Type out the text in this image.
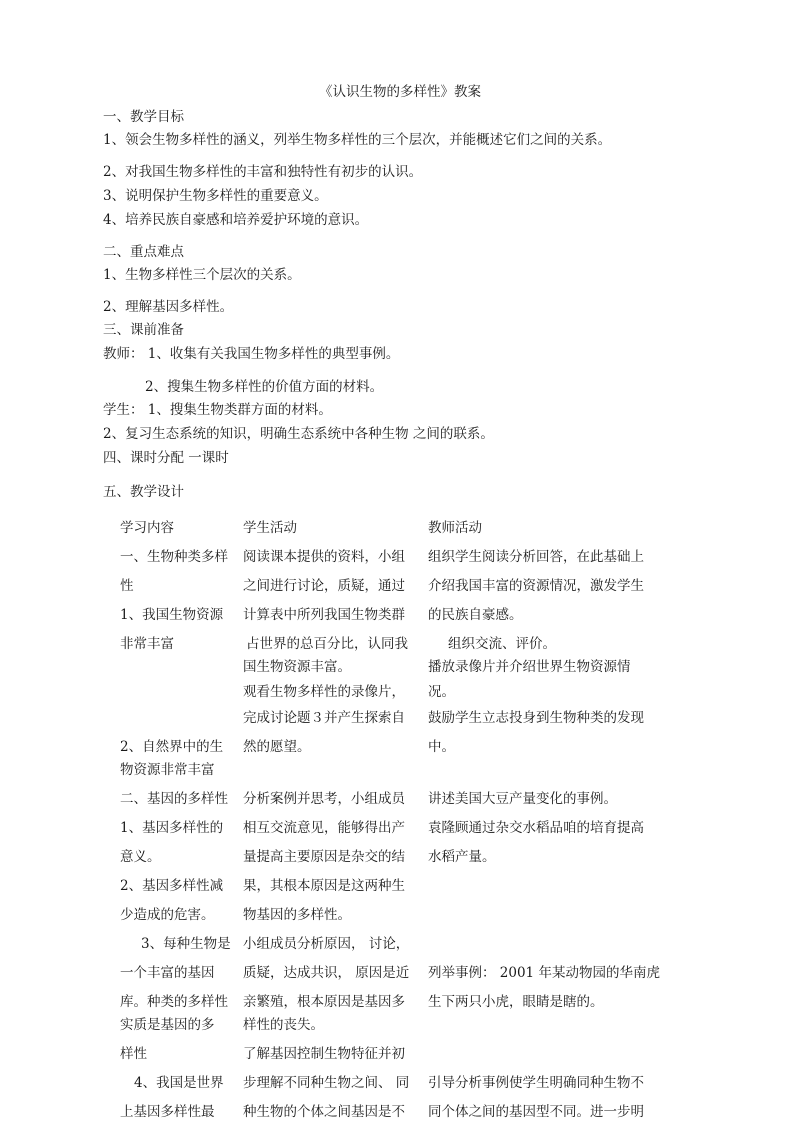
《认识生物的多样性》教案
一、教学目标
1、领会生物多样性的涵义，列举生物多样性的三个层次，并能概述它们之间的关系。
2、对我国生物多样性的丰富和独特性有初步的认识。
3、说明保护生物多样性的重要意义。
4、培养民族自豪感和培养爱护环境的意识。
二、重点难点
1、生物多样性三个层次的关系。
2、理解基因多样性。
三、课前准备
教师： 1、收集有关我国生物多样性的典型事例。
2、搜集生物多样性的价值方面的材料。
学生： 1、搜集生物类群方面的材料。
2、复习生态系统的知识，明确生态系统中各种生物 之间的联系。
四、课时分配 一课时
五、教学设计
学习内容	学生活动	教师活动
一、生物种类多样
性
1、我国生物资源
非常丰富
2、自然界中的生
物资源非常丰富
二、基因的多样性
1、基因多样性的
意义。
2、基因多样性减
少造成的危害。
3、每种生物是
一个丰富的基因
库。种类的多样性
实质是基因的多
样性
4、我国是世界
上基因多样性最
阅读课本提供的资料，小组
之间进行讨论，质疑，通过
计算表中所列我国生物类群
占世界的总百分比，认同我
国生物资源丰富。
观看生物多样性的录像片，
完成讨论题３并产生探索自
然的愿望。
分析案例并思考，小组成员
相互交流意见，能够得出产
量提高主要原因是杂交的结
果，其根本原因是这两种生
物基因的多样性。
小组成员分析原因， 讨论，
质疑，达成共识， 原因是近
亲繁殖，根本原因是基因多
样性的丧失。
了解基因控制生物特征并初
步理解不同种生物之间、 同
种生物的个体之间基因是不
组织学生阅读分析回答，在此基础上
介绍我国丰富的资源情况，激发学生
的民族自豪感。
组织交流、评价。
播放录像片并介绍世界生物资源情
况。
鼓励学生立志投身到生物种类的发现
中。
讲述美国大豆产量变化的事例。
袁隆顾通过杂交水稻品咱的培育提高
水稻产量。
列举事例： 2001 年某动物园的华南虎
生下两只小虎，眼睛是瞎的。
引导分析事例使学生明确同种生物不
同个体之间的基因型不同。进一步明
